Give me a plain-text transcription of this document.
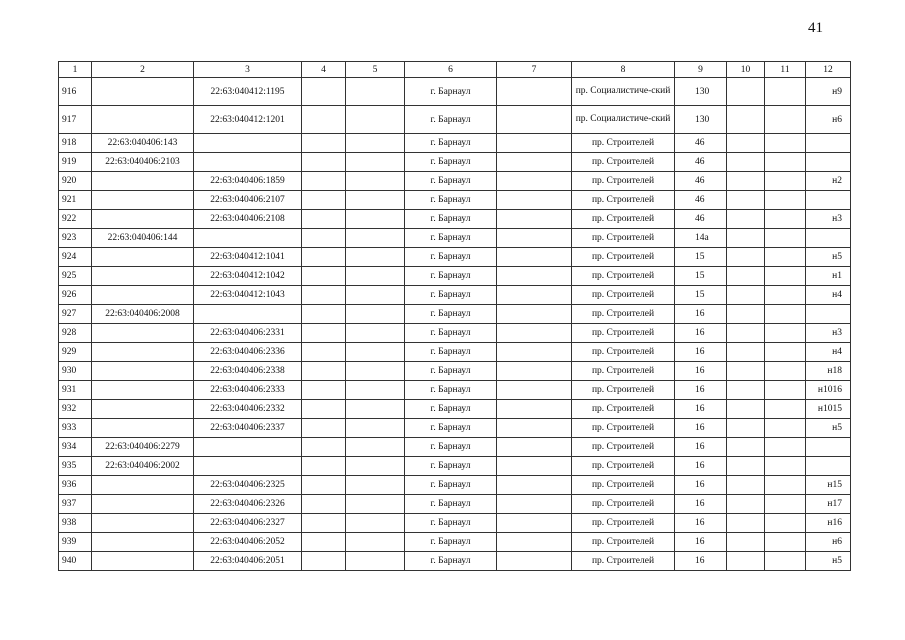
41
1	2	3	4	5	6	7	8	9	10	11	12
916		22:63:040412:1195			г. Барнаул		пр. Социалистиче-ский	130			н9
917		22:63:040412:1201			г. Барнаул		пр. Социалистиче-ский	130			н6
918	22:63:040406:143				г. Барнаул		пр. Строителей	46			
919	22:63:040406:2103				г. Барнаул		пр. Строителей	46			
920		22:63:040406:1859			г. Барнаул		пр. Строителей	46			н2
921		22:63:040406:2107			г. Барнаул		пр. Строителей	46			
922		22:63:040406:2108			г. Барнаул		пр. Строителей	46			н3
923	22:63:040406:144				г. Барнаул		пр. Строителей	14а			
924		22:63:040412:1041			г. Барнаул		пр. Строителей	15			н5
925		22:63:040412:1042			г. Барнаул		пр. Строителей	15			н1
926		22:63:040412:1043			г. Барнаул		пр. Строителей	15			н4
927	22:63:040406:2008				г. Барнаул		пр. Строителей	16			
928		22:63:040406:2331			г. Барнаул		пр. Строителей	16			н3
929		22:63:040406:2336			г. Барнаул		пр. Строителей	16			н4
930		22:63:040406:2338			г. Барнаул		пр. Строителей	16			н18
931		22:63:040406:2333			г. Барнаул		пр. Строителей	16			н1016
932		22:63:040406:2332			г. Барнаул		пр. Строителей	16			н1015
933		22:63:040406:2337			г. Барнаул		пр. Строителей	16			н5
934	22:63:040406:2279				г. Барнаул		пр. Строителей	16			
935	22:63:040406:2002				г. Барнаул		пр. Строителей	16			
936		22:63:040406:2325			г. Барнаул		пр. Строителей	16			н15
937		22:63:040406:2326			г. Барнаул		пр. Строителей	16			н17
938		22:63:040406:2327			г. Барнаул		пр. Строителей	16			н16
939		22:63:040406:2052			г. Барнаул		пр. Строителей	16			н6
940		22:63:040406:2051			г. Барнаул		пр. Строителей	16			н5
